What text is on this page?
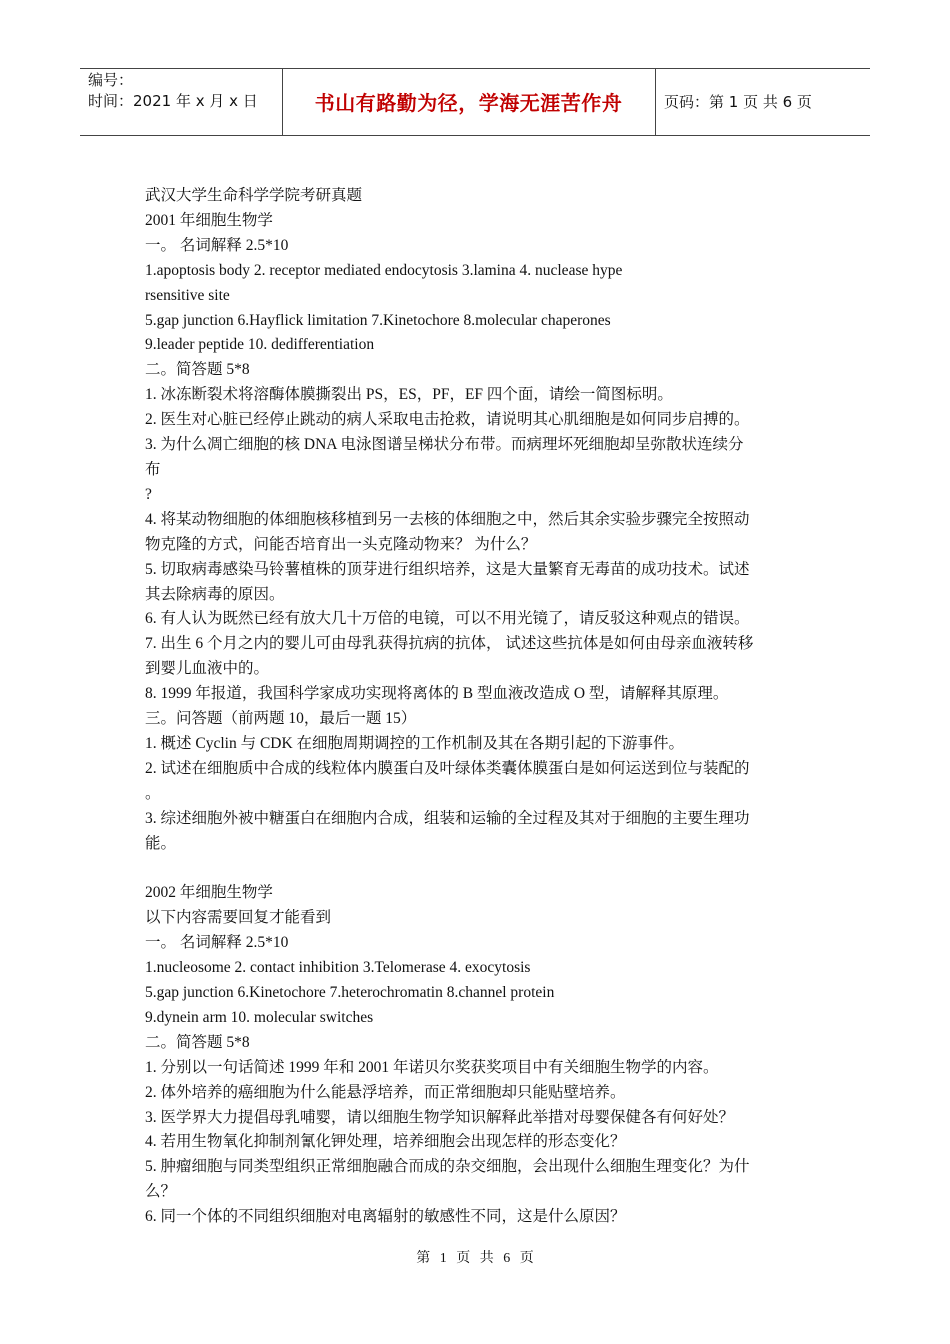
编号：
时间：2021 年 x 月 x 日	书山有路勤为径，学海无涯苦作舟	页码：第 1 页 共 6 页

武汉大学生命科学学院考研真题

2001 年细胞生物学

一。 名词解释 2.5*10

1.apoptosis body 2. receptor mediated endocytosis 3.lamina 4. nuclease hype

rsensitive site

5.gap junction 6.Hayflick limitation 7.Kinetochore 8.molecular chaperones

9.leader peptide 10. dedifferentiation

二。简答题 5*8

1. 冰冻断裂术将溶酶体膜撕裂出 PS，ES，PF，EF 四个面，请绘一简图标明。

2. 医生对心脏已经停止跳动的病人采取电击抢救，请说明其心肌细胞是如何同步启搏的。

3. 为什么凋亡细胞的核 DNA 电泳图谱呈梯状分布带。而病理坏死细胞却呈弥散状连续分

布

?

4. 将某动物细胞的体细胞核移植到另一去核的体细胞之中，然后其余实验步骤完全按照动

物克隆的方式，问能否培育出一头克隆动物来？ 为什么？

5. 切取病毒感染马铃薯植株的顶芽进行组织培养，这是大量繁育无毒苗的成功技术。试述

其去除病毒的原因。

6. 有人认为既然已经有放大几十万倍的电镜，可以不用光镜了，请反驳这种观点的错误。

7. 出生 6 个月之内的婴儿可由母乳获得抗病的抗体， 试述这些抗体是如何由母亲血液转移

到婴儿血液中的。

8. 1999 年报道，我国科学家成功实现将离体的 B 型血液改造成 O 型，请解释其原理。

三。问答题（前两题 10，最后一题 15）

1. 概述 Cyclin 与 CDK 在细胞周期调控的工作机制及其在各期引起的下游事件。

2. 试述在细胞质中合成的线粒体内膜蛋白及叶绿体类囊体膜蛋白是如何运送到位与装配的

。

3. 综述细胞外被中糖蛋白在细胞内合成，组装和运输的全过程及其对于细胞的主要生理功

能。

2002 年细胞生物学

以下内容需要回复才能看到

一。 名词解释 2.5*10

1.nucleosome 2. contact inhibition 3.Telomerase 4. exocytosis

5.gap junction 6.Kinetochore 7.heterochromatin 8.channel protein

9.dynein arm 10. molecular switches

二。简答题 5*8

1. 分别以一句话简述 1999 年和 2001 年诺贝尔奖获奖项目中有关细胞生物学的内容。

2. 体外培养的癌细胞为什么能悬浮培养，而正常细胞却只能贴壁培养。

3. 医学界大力提倡母乳哺婴，请以细胞生物学知识解释此举措对母婴保健各有何好处？

4. 若用生物氧化抑制剂氰化钾处理，培养细胞会出现怎样的形态变化？

5. 肿瘤细胞与同类型组织正常细胞融合而成的杂交细胞，会出现什么细胞生理变化？为什

么？

6. 同一个体的不同组织细胞对电离辐射的敏感性不同，这是什么原因？

第 1 页 共 6 页
